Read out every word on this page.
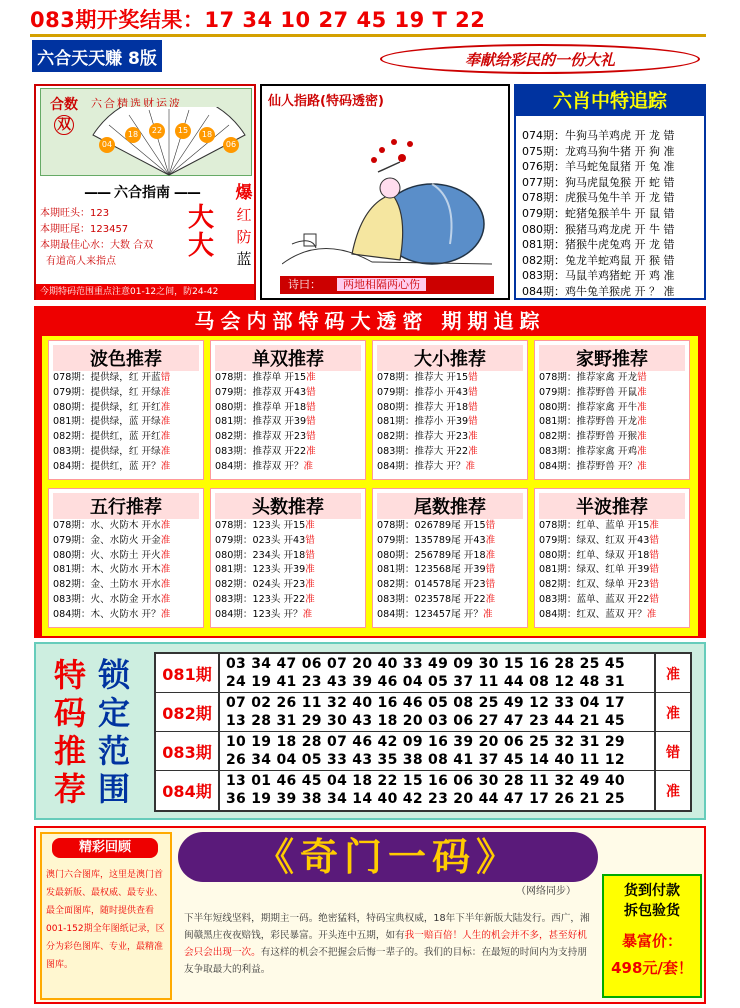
083期开奖结果：17 34 10 27 45 19 T 22
六合天天赚 8版	奉献给彩民的一份大礼
合数
双
六合精选财运波
04
18	22	15	18
06
—— 六合指南 ——
本期旺头：123
本期旺尾：123457
本期最佳心水：大数 合双
有道高人来指点
大
大
爆
红
防
蓝
今期特码范围重点注意01-12之间，防24-42
仙人指路(特码透密)
诗曰： 两地相隔两心伤
六肖中特追踪
074期：牛狗马羊鸡虎 开 龙 错
075期：龙鸡马狗牛猪 开 狗 准
076期：羊马蛇兔鼠猪 开 兔 准
077期：狗马虎鼠兔猴 开 蛇 错
078期：虎猴马兔牛羊 开 龙 错
079期：蛇猪兔猴羊牛 开 鼠 错
080期：猴猪马鸡龙虎 开 牛 错
081期：猪猴牛虎兔鸡 开 龙 错
082期：兔龙羊蛇鸡鼠 开 猴 错
083期：马鼠羊鸡猪蛇 开 鸡 准
084期：鸡牛兔羊猴虎 开 ？ 准
马会内部特码大透密 期期追踪
波色推荐
078期：提供绿，红 开蓝错
079期：提供绿，红 开绿准
080期：提供绿，红 开红准
081期：提供绿，蓝 开绿准
082期：提供红，蓝 开红准
083期：提供绿，红 开绿准
084期：提供红，蓝 开？准
单双推荐
078期：推荐单 开15准
079期：推荐双 开43错
080期：推荐单 开18错
081期：推荐双 开39错
082期：推荐双 开23错
083期：推荐双 开22准
084期：推荐双 开？准
大小推荐
078期：推荐大 开15错
079期：推荐小 开43错
080期：推荐大 开18错
081期：推荐小 开39错
082期：推荐大 开23准
083期：推荐大 开22准
084期：推荐大 开？准
家野推荐
078期：推荐家禽 开龙错
079期：推荐野兽 开鼠准
080期：推荐家禽 开牛准
081期：推荐野兽 开龙准
082期：推荐野兽 开猴准
083期：推荐家禽 开鸡准
084期：推荐野兽 开？准
五行推荐
078期：水、火防木 开水准
079期：金、水防火 开金准
080期：火、水防土 开火准
081期：木、火防水 开木准
082期：金、土防水 开水准
083期：火、水防金 开水准
084期：木、火防水 开？准
头数推荐
078期：123头 开15准
079期：023头 开43错
080期：234头 开18错
081期：123头 开39准
082期：024头 开23准
083期：123头 开22准
084期：123头 开？准
尾数推荐
078期：026789尾 开15错
079期：135789尾 开43准
080期：256789尾 开18准
081期：123568尾 开39错
082期：014578尾 开23错
083期：023578尾 开22准
084期：123457尾 开？准
半波推荐
078期：红单、蓝单 开15准
079期：绿双、红双 开43错
080期：红单、绿双 开18错
081期：绿双、红单 开39错
082期：红双、绿单 开23错
083期：蓝单、蓝双 开22错
084期：红双、蓝双 开？准
特
码
推
荐
锁
定
范
围
081期
03 34 47 06 07 20 40 33 49 09 30 15 16 28 25 45
24 19 41 23 43 39 46 04 05 37 11 44 08 12 48 31	准
082期
07 02 26 11 32 40 16 46 05 08 25 49 12 33 04 17
13 28 31 29 30 43 18 20 03 06 27 47 23 44 21 45	准
083期
10 19 18 28 07 46 42 09 16 39 20 06 25 32 31 29
26 34 04 05 33 43 35 38 08 41 37 45 14 40 11 12	错
084期
13 01 46 45 04 18 22 15 16 06 30 28 11 32 49 40
36 19 39 38 34 14 40 42 23 20 44 47 17 26 21 25	准
精彩回顾
澳门六合图库，这里是澳门首发最新版、最权威、最专业、最全面图库，随时提供查看001-152期全年图纸记录，区分为彩色图库、专业，最精准图库。
《奇门一码》
（网络同步）
下半年短线坚料，期期主一码。绝密猛料，特码宝典权威，18年下半年新版大陆发行。西广，湘闽赣黑庄夜夜赔钱，彩民暴富。开头连中五期，如有我一赔百倍！人生的机会并不多，甚至好机会只会出现一次。有这样的机会不把握会后悔一辈子的。我们的目标：在最短的时间内为支持朋友争取最大的利益。
货到付款
拆包验货
暴富价：
498元/套！
